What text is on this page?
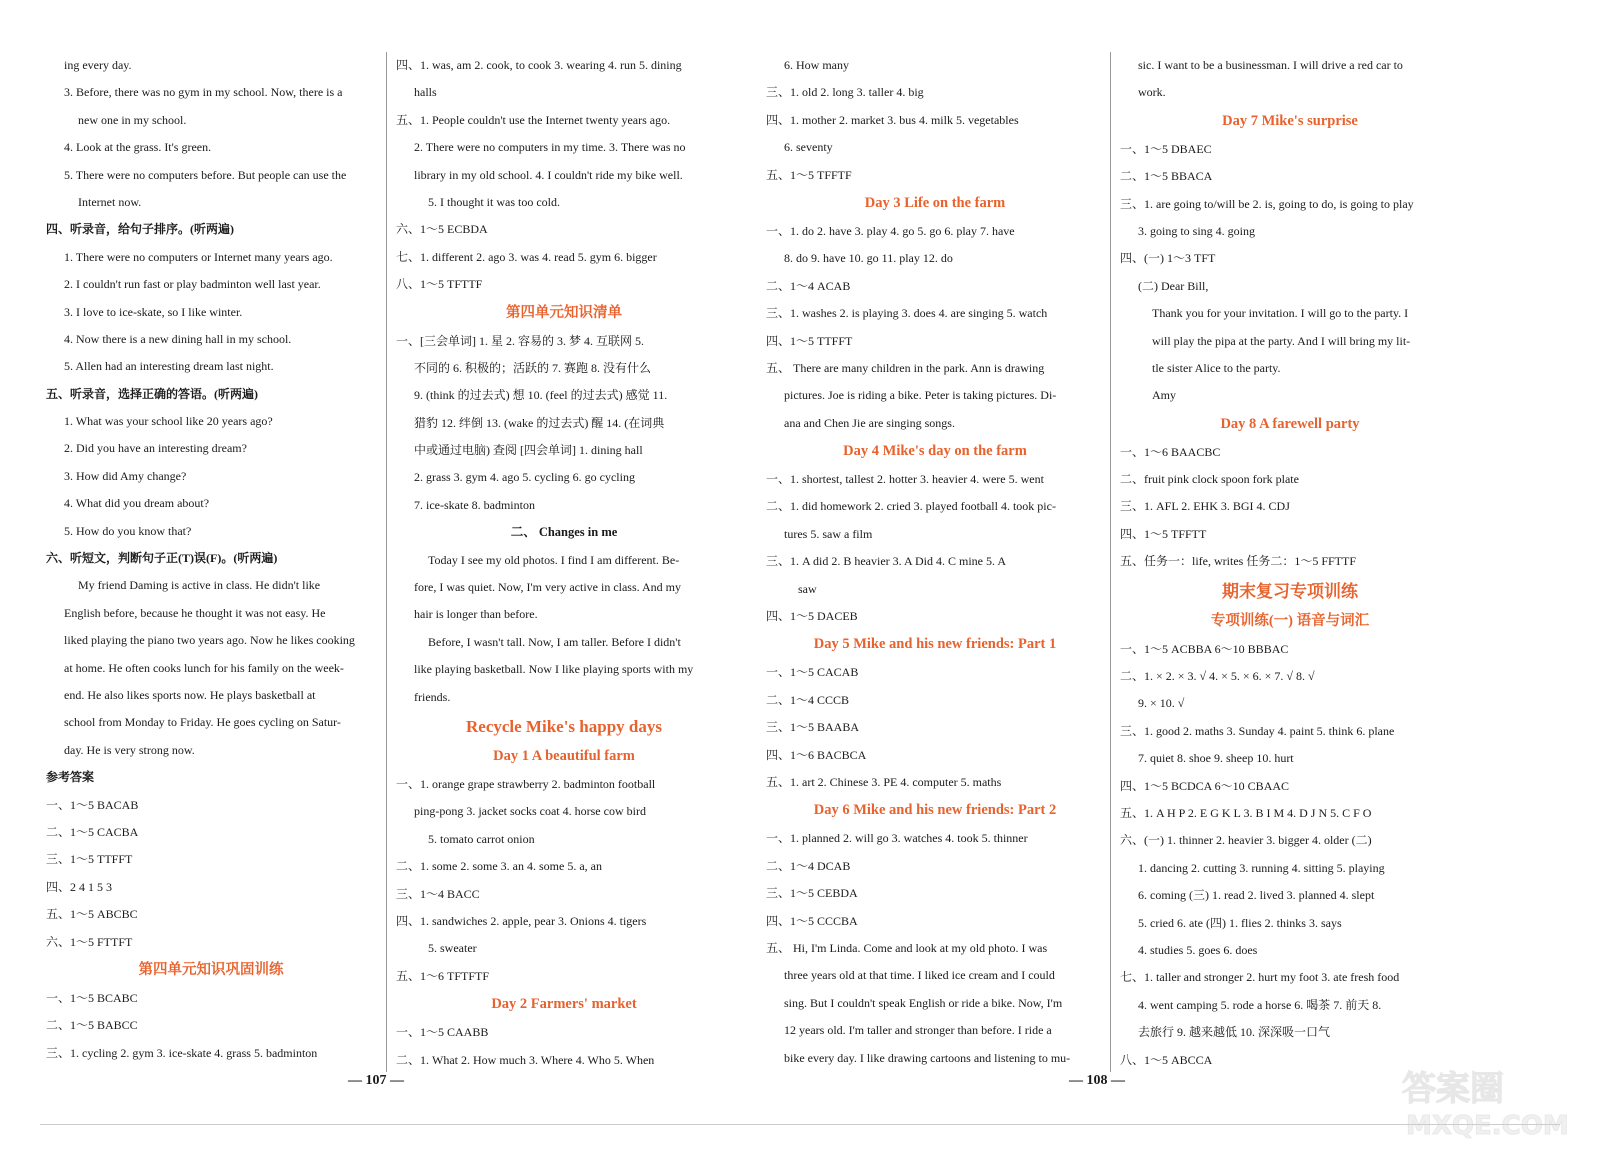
ing every day.
3. Before, there was no gym in my school. Now, there is a
new one in my school.
4. Look at the grass. It's green.
5. There were no computers before. But people can use the
Internet now.
四、听录音，给句子排序。(听两遍)
1. There were no computers or Internet many years ago.
2. I couldn't run fast or play badminton well last year.
3. I love to ice-skate, so I like winter.
4. Now there is a new dining hall in my school.
5. Allen had an interesting dream last night.
五、听录音，选择正确的答语。(听两遍)
1. What was your school like 20 years ago?
2. Did you have an interesting dream?
3. How did Amy change?
4. What did you dream about?
5. How do you know that?
六、听短文，判断句子正(T)误(F)。(听两遍)
My friend Daming is active in class. He didn't like
English before, because he thought it was not easy. He
liked playing the piano two years ago. Now he likes cooking
at home. He often cooks lunch for his family on the week-
end. He also likes sports now. He plays basketball at
school from Monday to Friday. He goes cycling on Satur-
day. He is very strong now.
参考答案
一、1～5 BACAB
二、1～5 CACBA
三、1～5 TTFFT
四、2 4 1 5 3
五、1～5 ABCBC
六、1～5 FTTFT
第四单元知识巩固训练
一、1～5 BCABC
二、1～5 BABCC
三、1. cycling 2. gym 3. ice-skate 4. grass 5. badminton
四、1. was, am 2. cook, to cook 3. wearing 4. run 5. dining
halls
五、1. People couldn't use the Internet twenty years ago.
2. There were no computers in my time. 3. There was no
library in my old school. 4. I couldn't ride my bike well.
5. I thought it was too cold.
六、1～5 ECBDA
七、1. different 2. ago 3. was 4. read 5. gym 6. bigger
八、1～5 TFTTF
第四单元知识清单
一、[三会单词] 1. 星 2. 容易的 3. 梦 4. 互联网 5.
不同的 6. 积极的；活跃的 7. 赛跑 8. 没有什么
9. (think 的过去式) 想 10. (feel 的过去式) 感觉 11.
猎豹 12. 绊倒 13. (wake 的过去式) 醒 14. (在词典
中或通过电脑) 查阅 [四会单词] 1. dining hall
2. grass 3. gym 4. ago 5. cycling 6. go cycling
7. ice-skate 8. badminton
二、 Changes in me
Today I see my old photos. I find I am different. Be-
fore, I was quiet. Now, I'm very active in class. And my
hair is longer than before.
Before, I wasn't tall. Now, I am taller. Before I didn't
like playing basketball. Now I like playing sports with my
friends.
Recycle Mike's happy days
Day 1 A beautiful farm
一、1. orange grape strawberry 2. badminton football
ping-pong 3. jacket socks coat 4. horse cow bird
5. tomato carrot onion
二、1. some 2. some 3. an 4. some 5. a, an
三、1～4 BACC
四、1. sandwiches 2. apple, pear 3. Onions 4. tigers
5. sweater
五、1～6 TFTFTF
Day 2 Farmers' market
一、1～5 CAABB
二、1. What 2. How much 3. Where 4. Who 5. When
6. How many
三、1. old 2. long 3. taller 4. big
四、1. mother 2. market 3. bus 4. milk 5. vegetables
6. seventy
五、1～5 TFFTF
Day 3 Life on the farm
一、1. do 2. have 3. play 4. go 5. go 6. play 7. have
8. do 9. have 10. go 11. play 12. do
二、1～4 ACAB
三、1. washes 2. is playing 3. does 4. are singing 5. watch
四、1～5 TTFFT
五、 There are many children in the park. Ann is drawing
pictures. Joe is riding a bike. Peter is taking pictures. Di-
ana and Chen Jie are singing songs.
Day 4 Mike's day on the farm
一、1. shortest, tallest 2. hotter 3. heavier 4. were 5. went
二、1. did homework 2. cried 3. played football 4. took pic-
tures 5. saw a film
三、1. A did 2. B heavier 3. A Did 4. C mine 5. A
saw
四、1～5 DACEB
Day 5 Mike and his new friends: Part 1
一、1～5 CACAB
二、1～4 CCCB
三、1～5 BAABA
四、1～6 BACBCA
五、1. art 2. Chinese 3. PE 4. computer 5. maths
Day 6 Mike and his new friends: Part 2
一、1. planned 2. will go 3. watches 4. took 5. thinner
二、1～4 DCAB
三、1～5 CEBDA
四、1～5 CCCBA
五、 Hi, I'm Linda. Come and look at my old photo. I was
three years old at that time. I liked ice cream and I could
sing. But I couldn't speak English or ride a bike. Now, I'm
12 years old. I'm taller and stronger than before. I ride a
bike every day. I like drawing cartoons and listening to mu-
sic. I want to be a businessman. I will drive a red car to
work.
Day 7 Mike's surprise
一、1～5 DBAEC
二、1～5 BBACA
三、1. are going to/will be 2. is, going to do, is going to play
3. going to sing 4. going
四、(一) 1～3 TFT
(二) Dear Bill,
Thank you for your invitation. I will go to the party. I
will play the pipa at the party. And I will bring my lit-
tle sister Alice to the party.
Amy
Day 8 A farewell party
一、1～6 BAACBC
二、fruit pink clock spoon fork plate
三、1. AFL 2. EHK 3. BGI 4. CDJ
四、1～5 TFFTT
五、任务一：life, writes 任务二：1～5 FFTTF
期末复习专项训练
专项训练(一) 语音与词汇
一、1～5 ACBBA 6～10 BBBAC
二、1. × 2. × 3. √ 4. × 5. × 6. × 7. √ 8. √
9. × 10. √
三、1. good 2. maths 3. Sunday 4. paint 5. think 6. plane
7. quiet 8. shoe 9. sheep 10. hurt
四、1～5 BCDCA 6～10 CBAAC
五、1. A H P 2. E G K L 3. B I M 4. D J N 5. C F O
六、(一) 1. thinner 2. heavier 3. bigger 4. older (二)
1. dancing 2. cutting 3. running 4. sitting 5. playing
6. coming (三) 1. read 2. lived 3. planned 4. slept
5. cried 6. ate (四) 1. flies 2. thinks 3. says
4. studies 5. goes 6. does
七、1. taller and stronger 2. hurt my foot 3. ate fresh food
4. went camping 5. rode a horse 6. 喝茶 7. 前天 8.
去旅行 9. 越来越低 10. 深深吸一口气
八、1～5 ABCCA
— 107 —	— 108 —	答案圈
MXQE.COM
